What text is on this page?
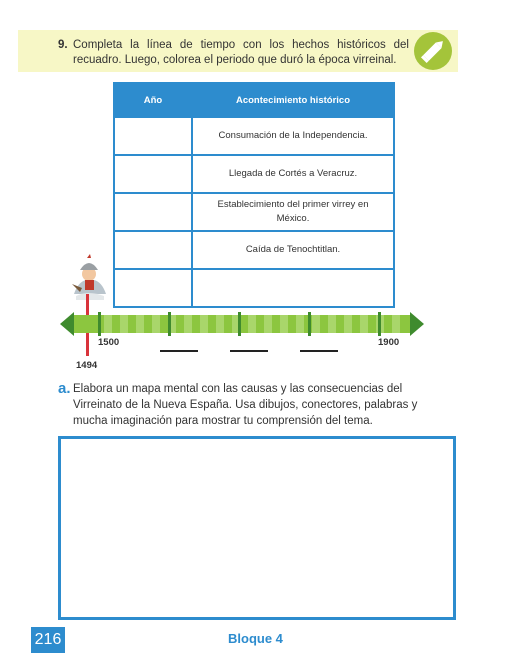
9. Completa la línea de tiempo con los hechos históricos del recuadro. Luego, colorea el periodo que duró la época virreinal.
Año	Acontecimiento histórico
	Consumación de la Independencia.
	Llegada de Cortés a Veracruz.
	Establecimiento del primer virrey en México.
	Caída de Tenochtitlan.

1500	1900
1494
a. Elabora un mapa mental con las causas y las consecuencias del Virreinato de la Nueva España. Usa dibujos, conectores, palabras y mucha imaginación para mostrar tu comprensión del tema.
216	Bloque 4
